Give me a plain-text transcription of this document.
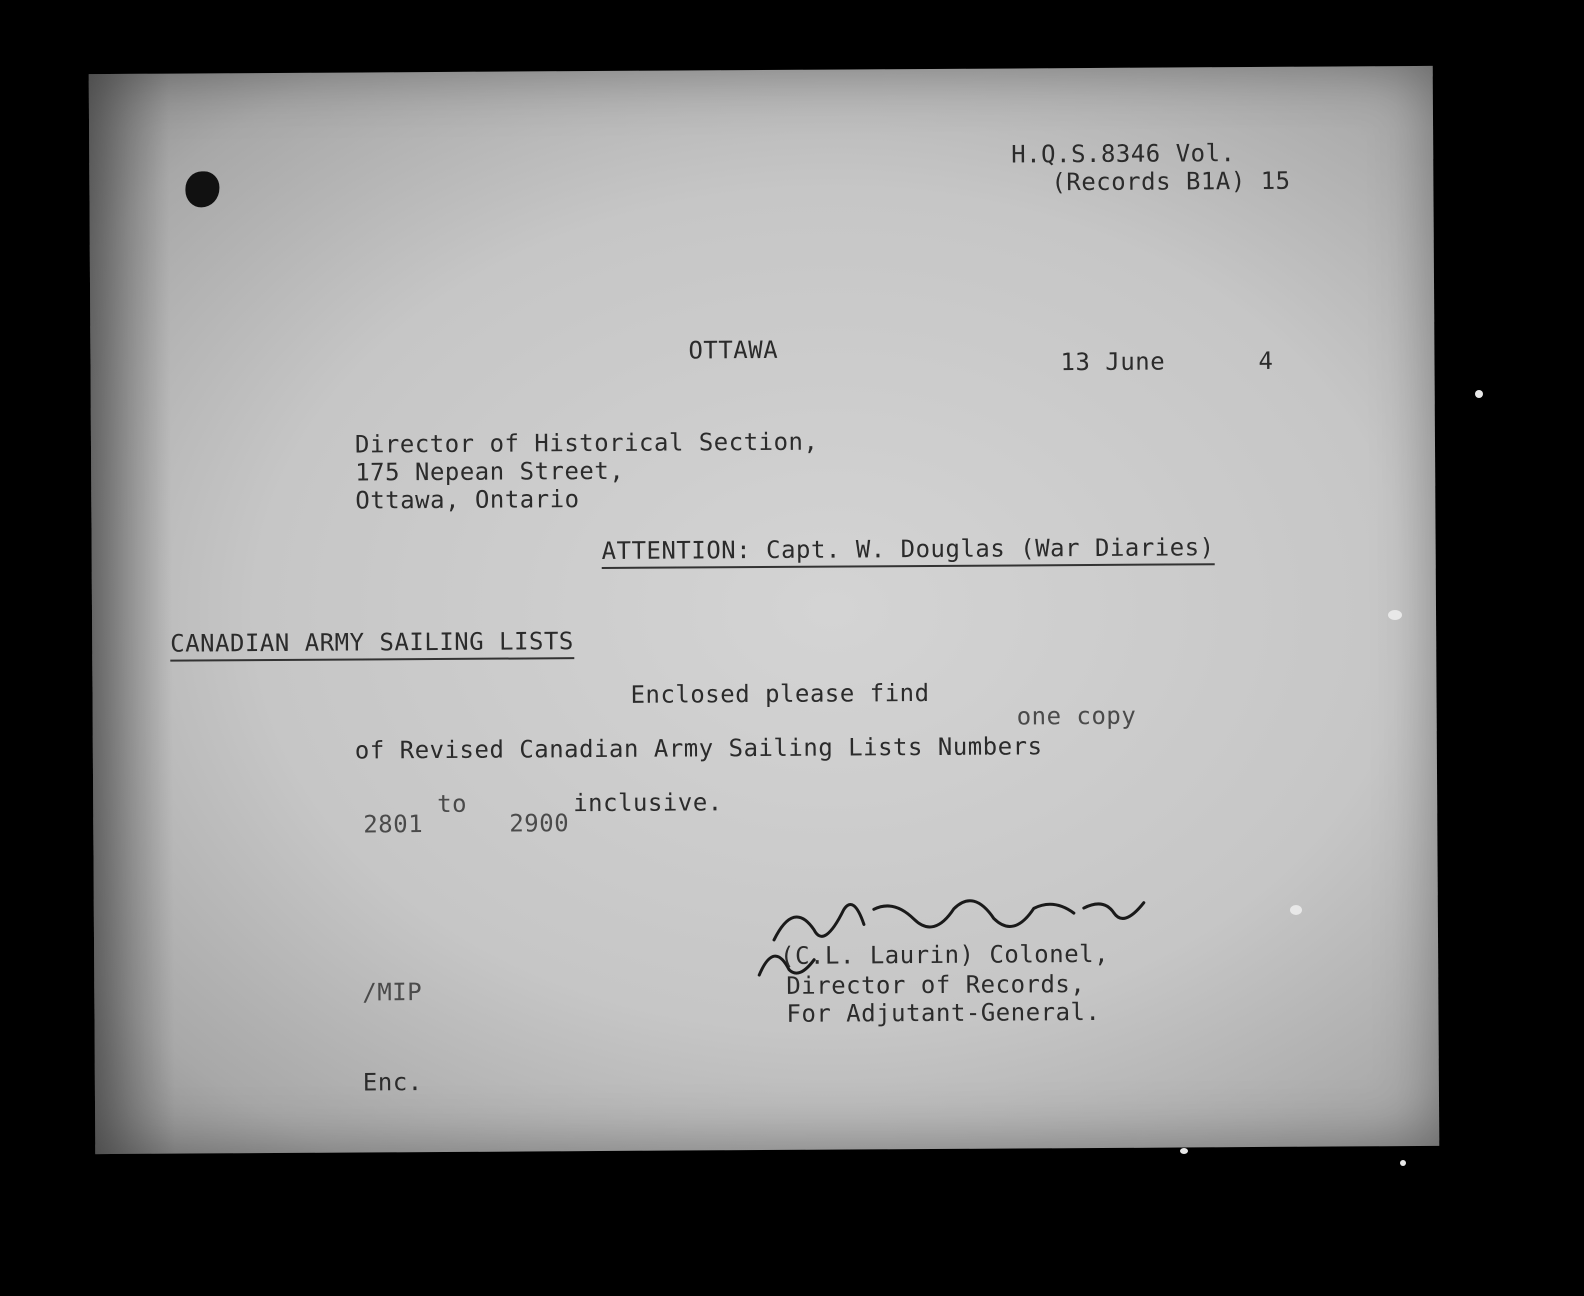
H.Q.S.8346 Vol.
(Records B1A) 15
OTTAWA	13 June	4
Director of Historical Section,
175 Nepean Street,
Ottawa, Ontario
ATTENTION: Capt. W. Douglas (War Diaries)
CANADIAN ARMY SAILING LISTS
Enclosed please find
one copy
of Revised Canadian Army Sailing Lists Numbers
2801
to
2900
inclusive.
(C.L. Laurin) Colonel,
Director of Records,
For Adjutant-General.
/MIP
Enc.
